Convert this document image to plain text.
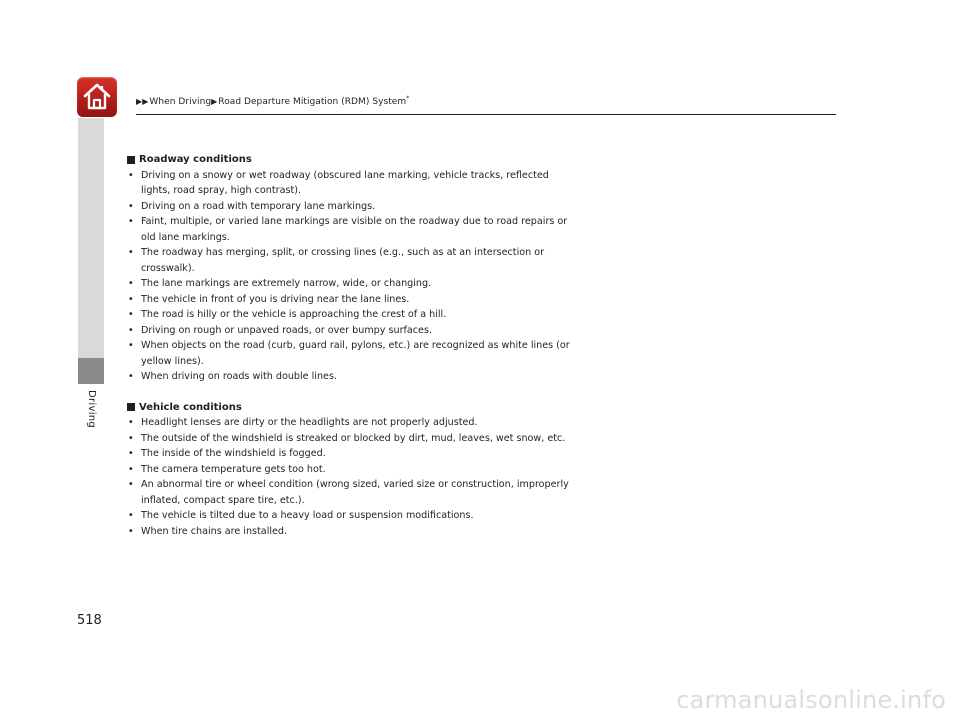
▶▶When Driving▶Road Departure Mitigation (RDM) System*
Driving
Roadway conditions
• Driving on a snowy or wet roadway (obscured lane marking, vehicle tracks, reflected lights, road spray, high contrast).
• Driving on a road with temporary lane markings.
• Faint, multiple, or varied lane markings are visible on the roadway due to road repairs or old lane markings.
• The roadway has merging, split, or crossing lines (e.g., such as at an intersection or crosswalk).
• The lane markings are extremely narrow, wide, or changing.
• The vehicle in front of you is driving near the lane lines.
• The road is hilly or the vehicle is approaching the crest of a hill.
• Driving on rough or unpaved roads, or over bumpy surfaces.
• When objects on the road (curb, guard rail, pylons, etc.) are recognized as white lines (or yellow lines).
• When driving on roads with double lines.
Vehicle conditions
• Headlight lenses are dirty or the headlights are not properly adjusted.
• The outside of the windshield is streaked or blocked by dirt, mud, leaves, wet snow, etc.
• The inside of the windshield is fogged.
• The camera temperature gets too hot.
• An abnormal tire or wheel condition (wrong sized, varied size or construction, improperly inflated, compact spare tire, etc.).
• The vehicle is tilted due to a heavy load or suspension modifications.
• When tire chains are installed.
518
carmanualsonline.info
